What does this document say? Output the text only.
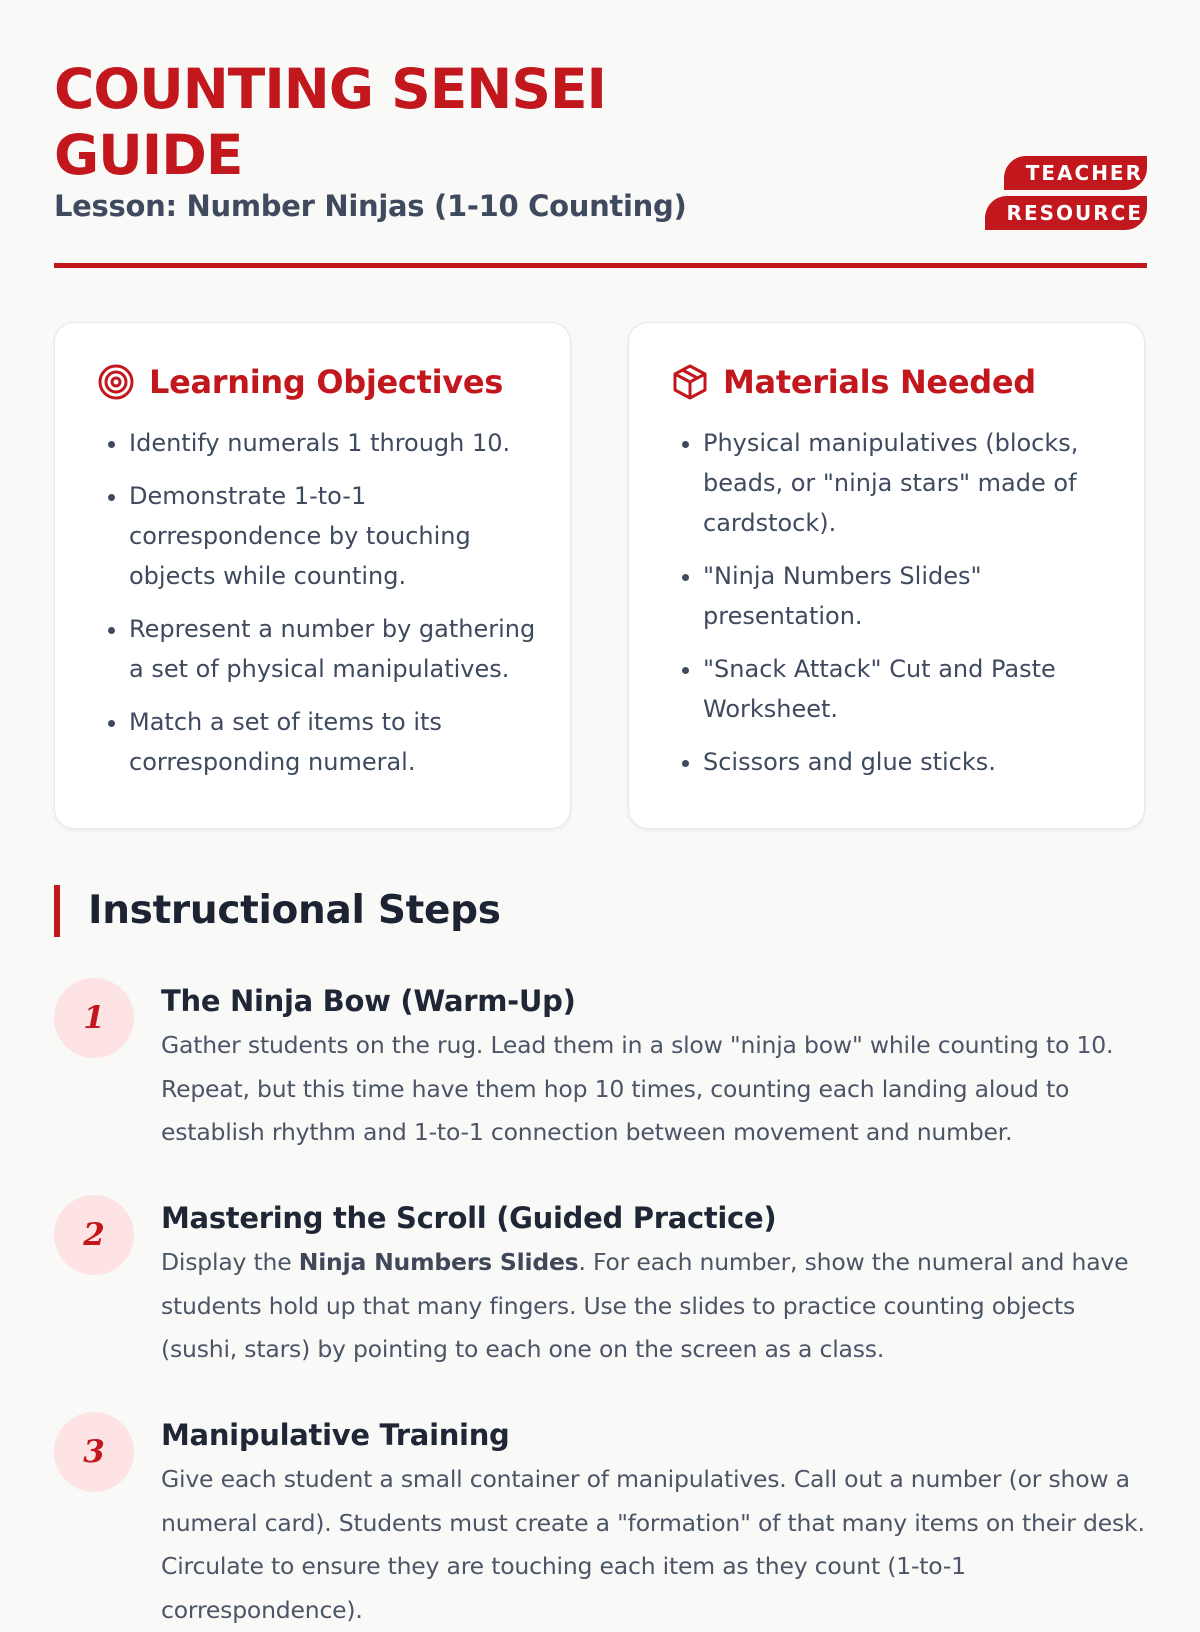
COUNTING SENSEI GUIDE

Lesson: Number Ninjas (1-10 Counting)

TEACHER RESOURCE
Learning Objectives
• Identify numerals 1 through 10.
• Demonstrate 1-to-1 correspondence by touching objects while counting.
• Represent a number by gathering a set of physical manipulatives.
• Match a set of items to its corresponding numeral.
Materials Needed
• Physical manipulatives (blocks, beads, or "ninja stars" made of cardstock).
• "Ninja Numbers Slides" presentation.
• "Snack Attack" Cut and Paste Worksheet.
• Scissors and glue sticks.
Instructional Steps
1	The Ninja Bow (Warm-Up)

Gather students on the rug. Lead them in a slow "ninja bow" while counting to 10. Repeat, but this time have them hop 10 times, counting each landing aloud to establish rhythm and 1-to-1 connection between movement and number.

2	Mastering the Scroll (Guided Practice)

Display the Ninja Numbers Slides. For each number, show the numeral and have students hold up that many fingers. Use the slides to practice counting objects (sushi, stars) by pointing to each one on the screen as a class.

3	Manipulative Training

Give each student a small container of manipulatives. Call out a number (or show a numeral card). Students must create a "formation" of that many items on their desk. Circulate to ensure they are touching each item as they count (1-to-1 correspondence).
